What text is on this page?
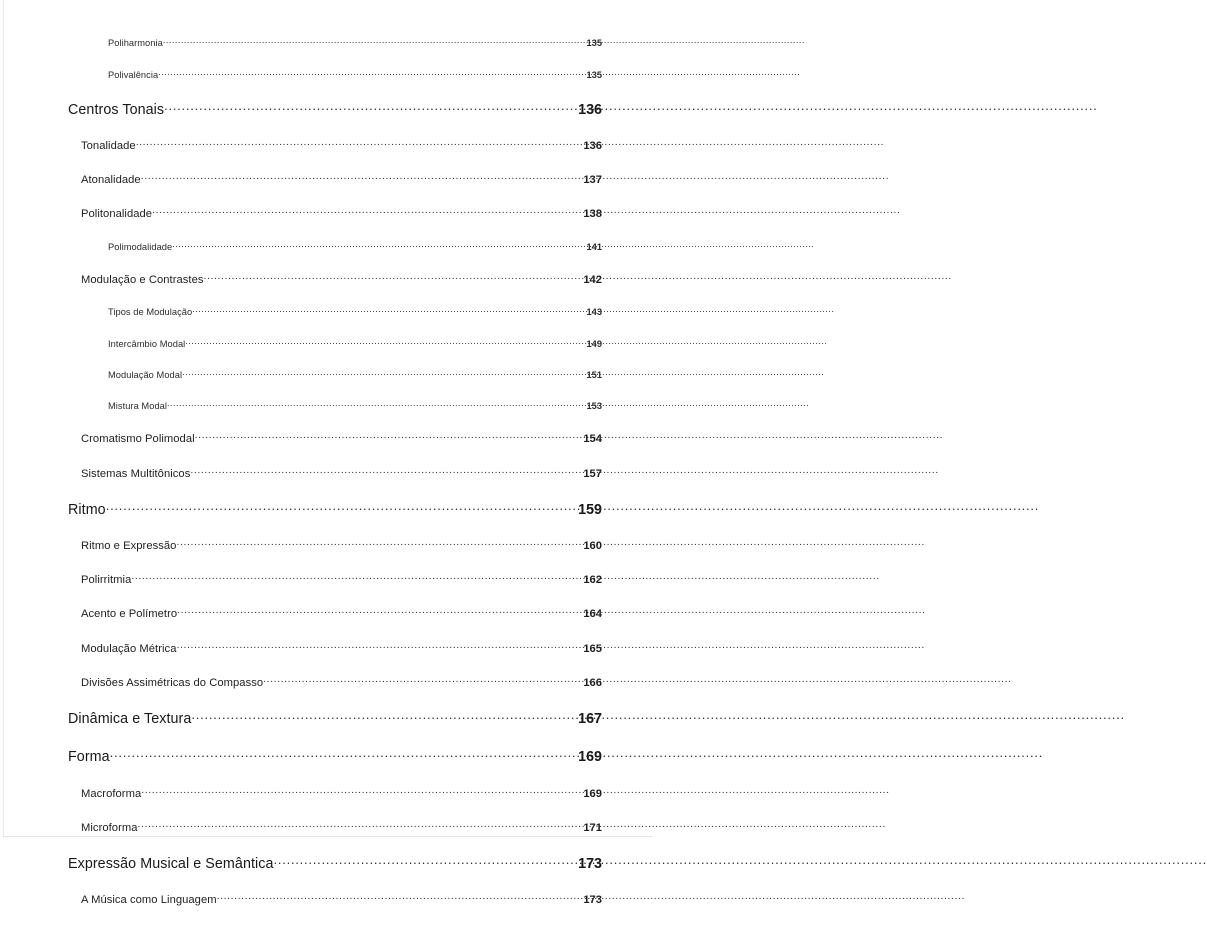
Poliharmonia .....	135
Polivalência .....	135
Centros Tonais .....	136
Tonalidade .....	136
Atonalidade .....	137
Politonalidade .....	138
Polimodalidade .....	141
Modulação e Contrastes .....	142
Tipos de Modulação .....	143
Intercâmbio Modal .....	149
Modulação Modal .....	151
Mistura Modal .....	153
Cromatismo Polimodal .....	154
Sistemas Multitônicos .....	157
Ritmo .....	159
Ritmo e Expressão .....	160
Polirritmia .....	162
Acento e Polímetro .....	164
Modulação Métrica .....	165
Divisões Assimétricas do Compasso .....	166
Dinâmica e Textura .....	167
Forma .....	169
Macroforma .....	169
Microforma .....	171
Expressão Musical e Semântica .....	173
A Música como Linguagem .....	173
